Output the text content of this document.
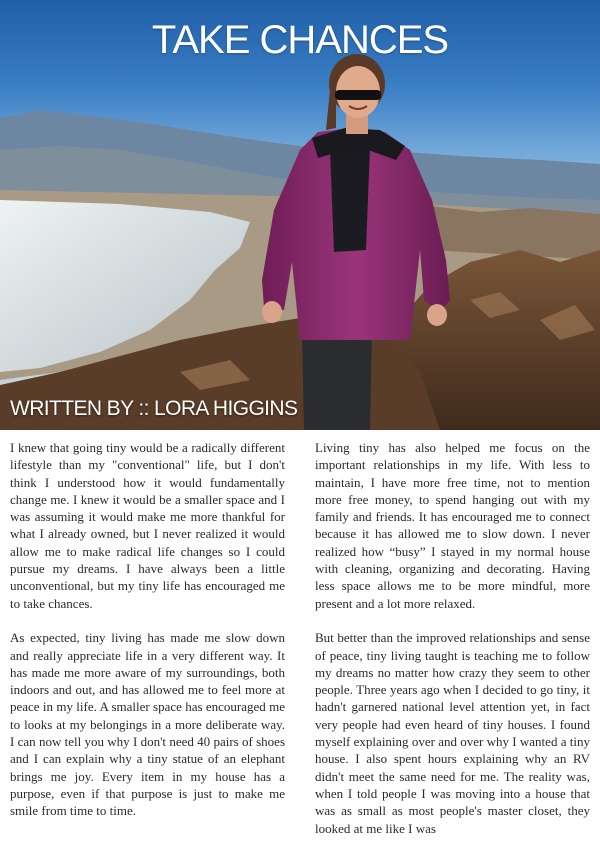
TAKE CHANCES
WRITTEN BY :: LORA HIGGINS

I knew that going tiny would be a radically different lifestyle than my "conventional" life, but I don't think I understood how it would fundamentally change me. I knew it would be a smaller space and I was assuming it would make me more thankful for what I already owned, but I never realized it would allow me to make radical life changes so I could pursue my dreams. I have always been a little unconventional, but my tiny life has encouraged me to take chances.

As expected, tiny living has made me slow down and really appreciate life in a very different way. It has made me more aware of my surroundings, both indoors and out, and has allowed me to feel more at peace in my life. A smaller space has encouraged me to looks at my belongings in a more deliberate way. I can now tell you why I don't need 40 pairs of shoes and I can explain why a tiny statue of an elephant brings me joy. Every item in my house has a purpose, even if that purpose is just to make me smile from time to time.

Living tiny has also helped me focus on the important relationships in my life. With less to maintain, I have more free time, not to mention more free money, to spend hanging out with my family and friends. It has encouraged me to connect because it has allowed me to slow down. I never realized how “busy” I stayed in my normal house with cleaning, organizing and decorating. Having less space allows me to be more mindful, more present and a lot more relaxed.

But better than the improved relationships and sense of peace, tiny living taught is teaching me to follow my dreams no matter how crazy they seem to other people. Three years ago when I decided to go tiny, it hadn't garnered national level attention yet, in fact very people had even heard of tiny houses. I found myself explaining over and over why I wanted a tiny house. I also spent hours explaining why an RV didn't meet the same need for me. The reality was, when I told people I was moving into a house that was as small as most people's master closet, they looked at me like I was
